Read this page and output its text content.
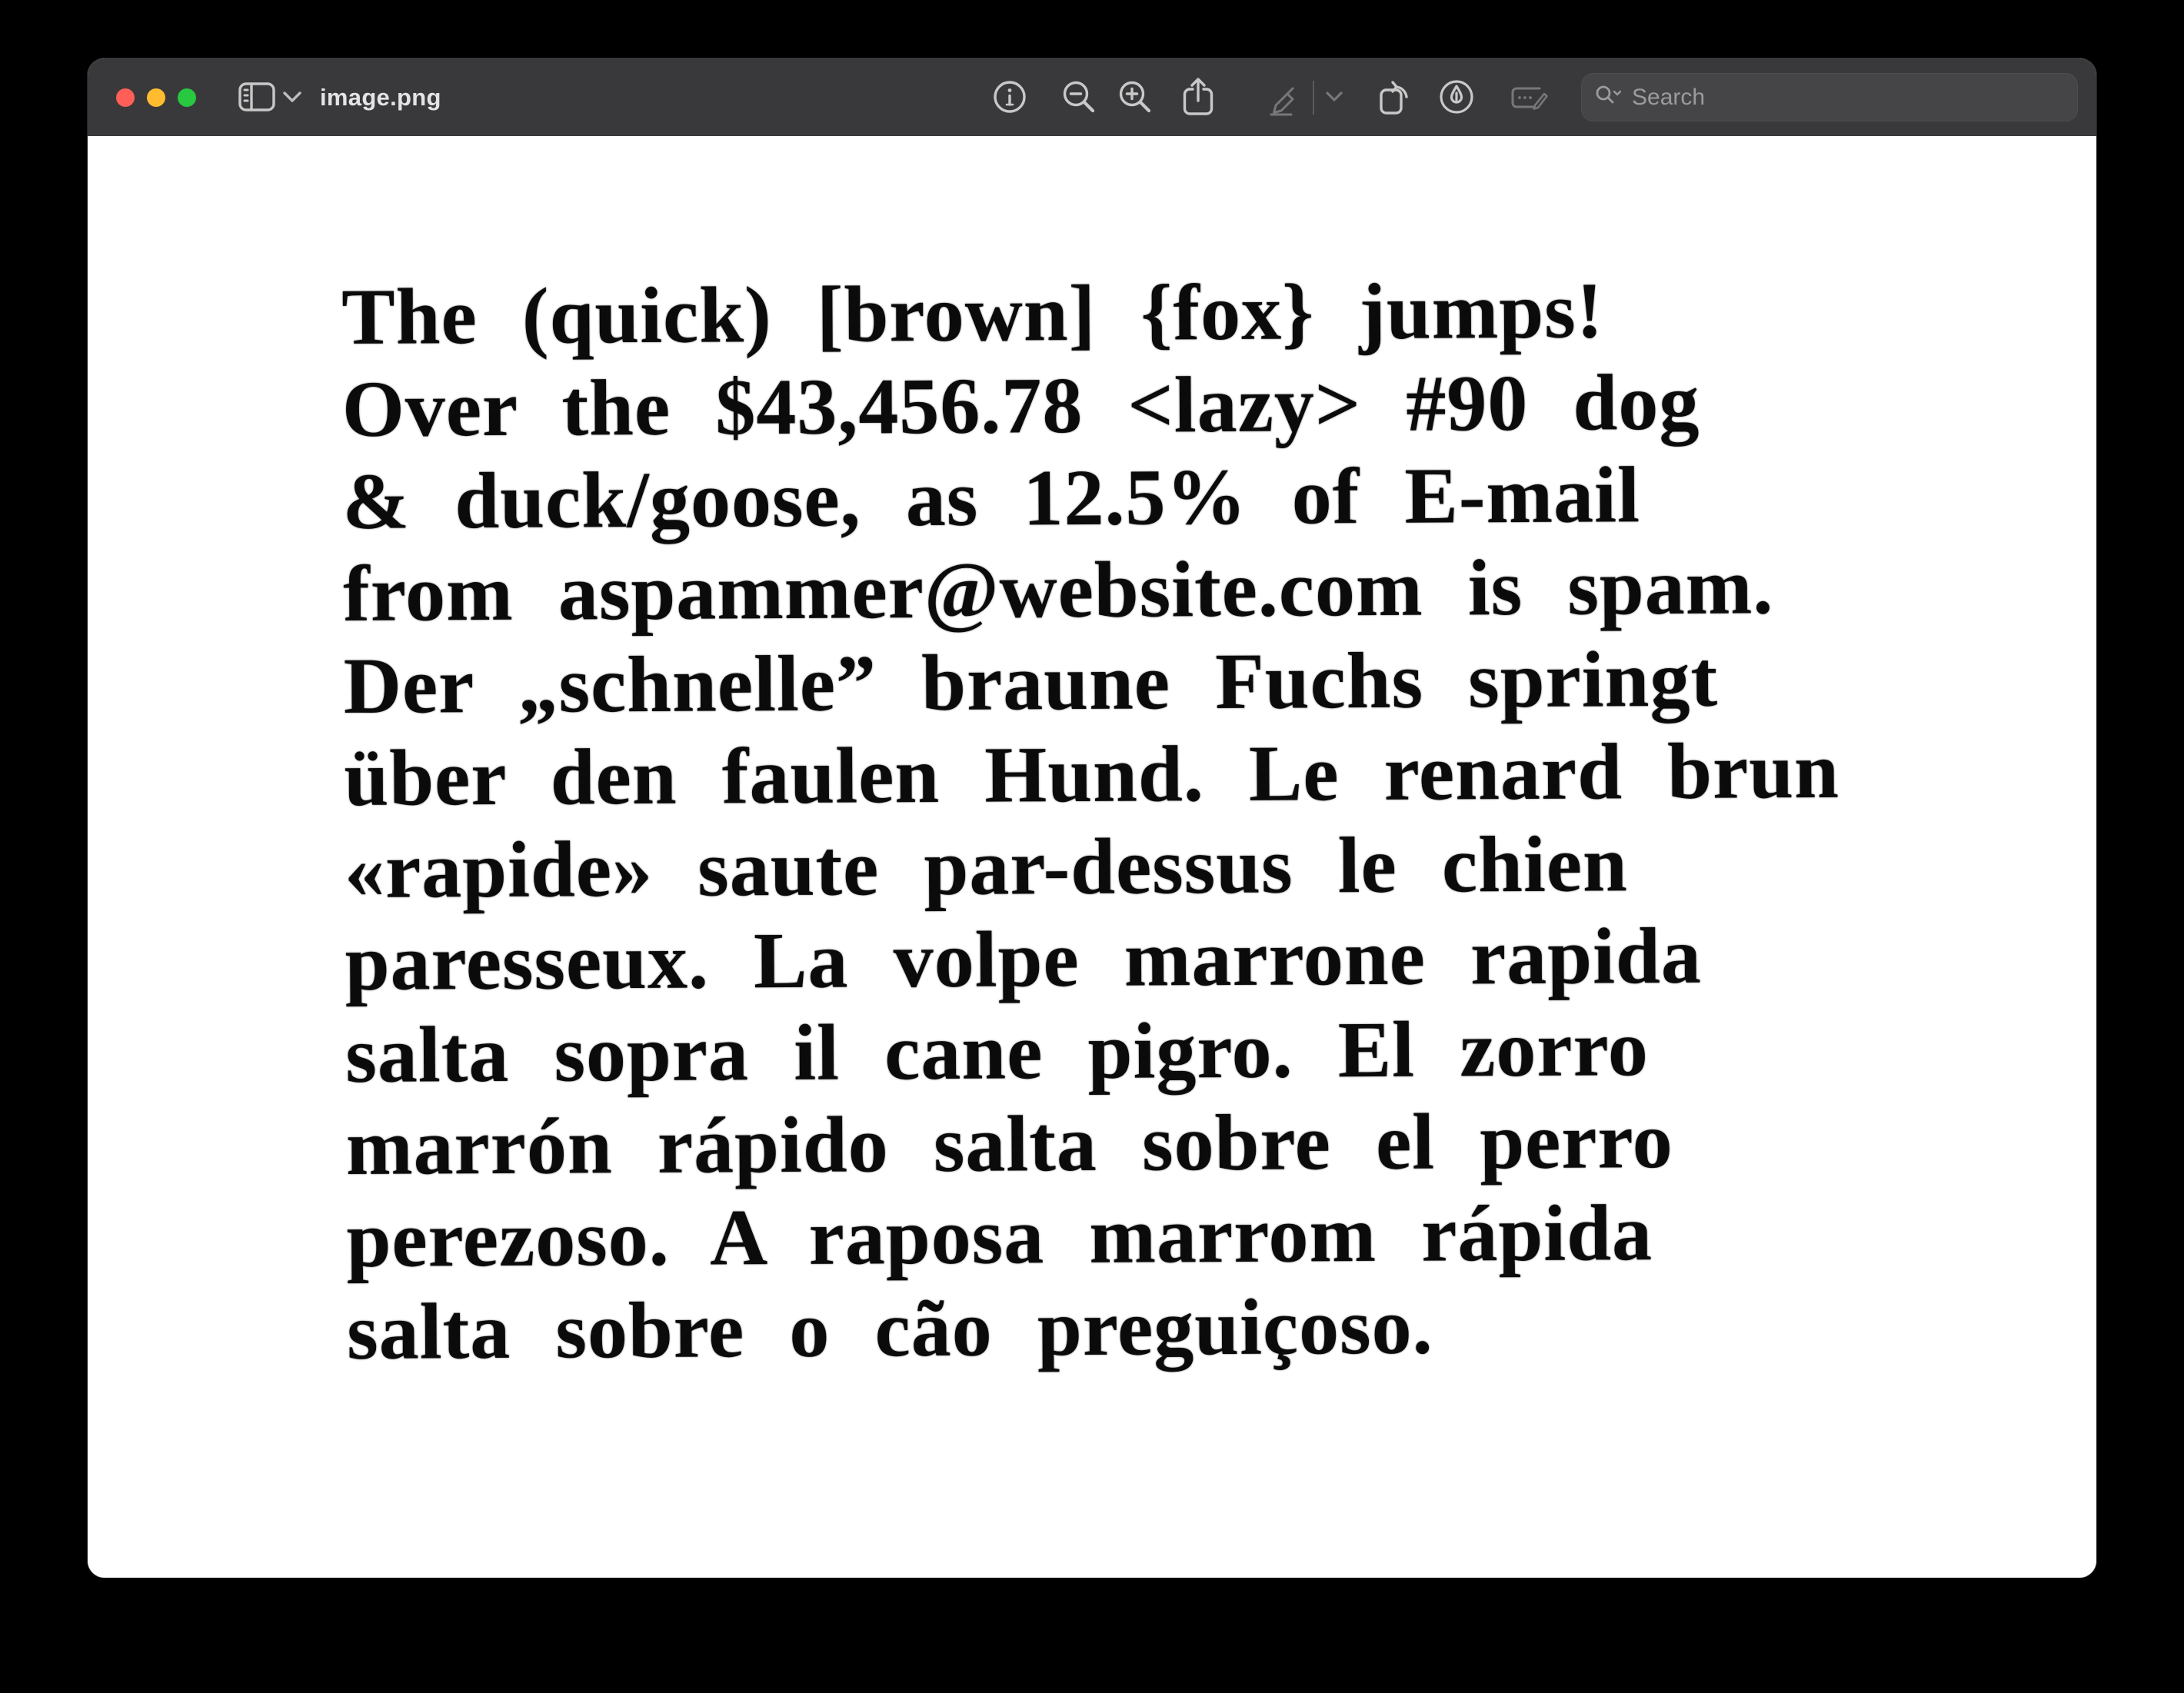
image.png
Search
The (quick) [brown] {fox} jumps!
Over the $43,456.78 <lazy> #90 dog
& duck/goose, as 12.5% of E-mail
from aspammer@website.com is spam.
Der „schnelle” braune Fuchs springt
über den faulen Hund. Le renard brun
«rapide» saute par-dessus le chien
paresseux. La volpe marrone rapida
salta sopra il cane pigro. El zorro
marrón rápido salta sobre el perro
perezoso. A raposa marrom rápida
salta sobre o cão preguiçoso.
